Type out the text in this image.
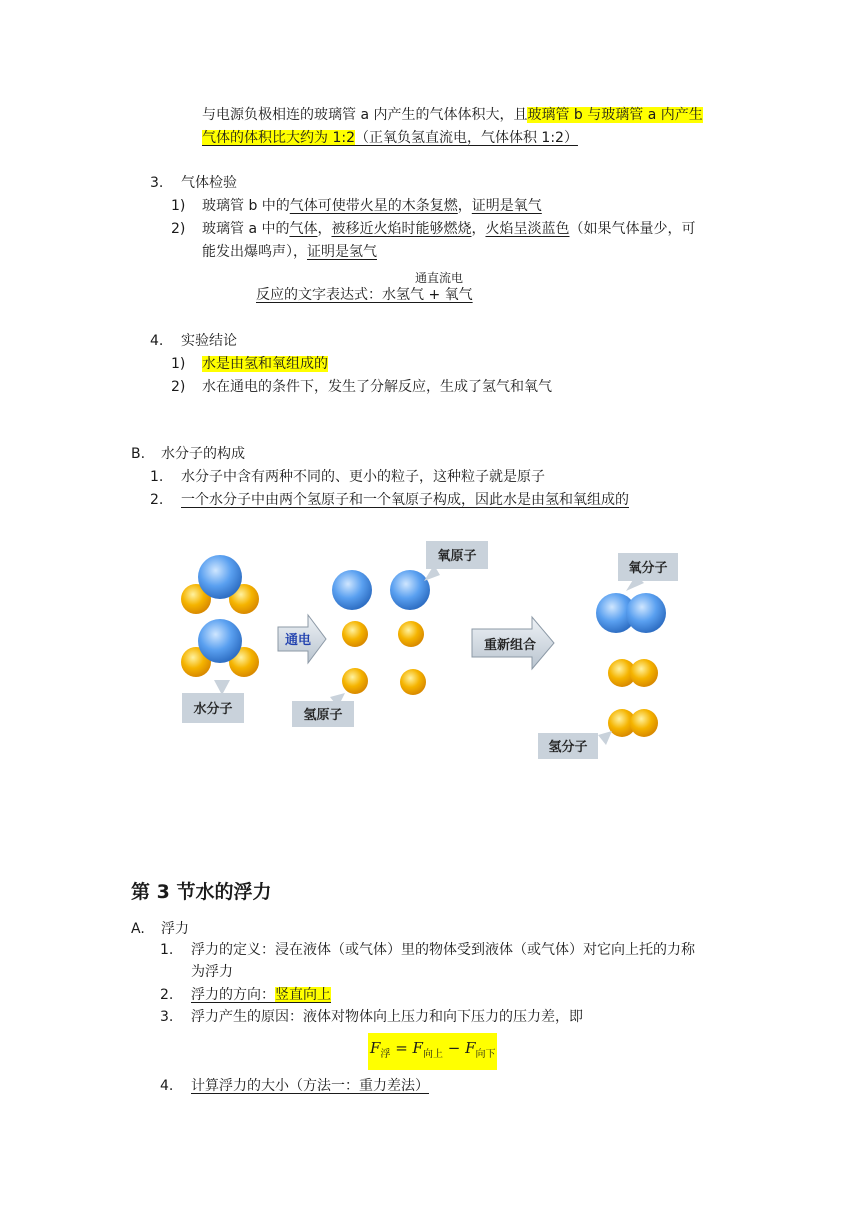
与电源负极相连的玻璃管 a 内产生的气体体积大，且玻璃管 b 与玻璃管 a 内产生
气体的体积比大约为 1:2（正氧负氢直流电，气体体积 1:2）
3.	气体检验
1)	玻璃管 b 中的气体可使带火星的木条复燃，证明是氧气
2)	玻璃管 a 中的气体，被移近火焰时能够燃烧，火焰呈淡蓝色（如果气体量少，可
能发出爆鸣声），证明是氢气
通直流电
反应的文字表达式：水氢气 + 氧气
4.	实验结论
1)	水是由氢和氧组成的
2)	水在通电的条件下，发生了分解反应，生成了氢气和氧气
B.	水分子的构成
1.	水分子中含有两种不同的、更小的粒子，这种粒子就是原子
2.	一个水分子中由两个氢原子和一个氧原子构成，因此水是由氢和氧组成的
水分子
通电
氧原子
氢原子
重新组合
氧分子
氢分子
第 3 节水的浮力
A.	浮力
1.	浮力的定义：浸在液体（或气体）里的物体受到液体（或气体）对它向上托的力称
为浮力
2.	浮力的方向：竖直向上
3.	浮力产生的原因：液体对物体向上压力和向下压力的压力差，即
$F_浮 = F_{向上} - F_{向下}$
4.	计算浮力的大小（方法一：重力差法）
